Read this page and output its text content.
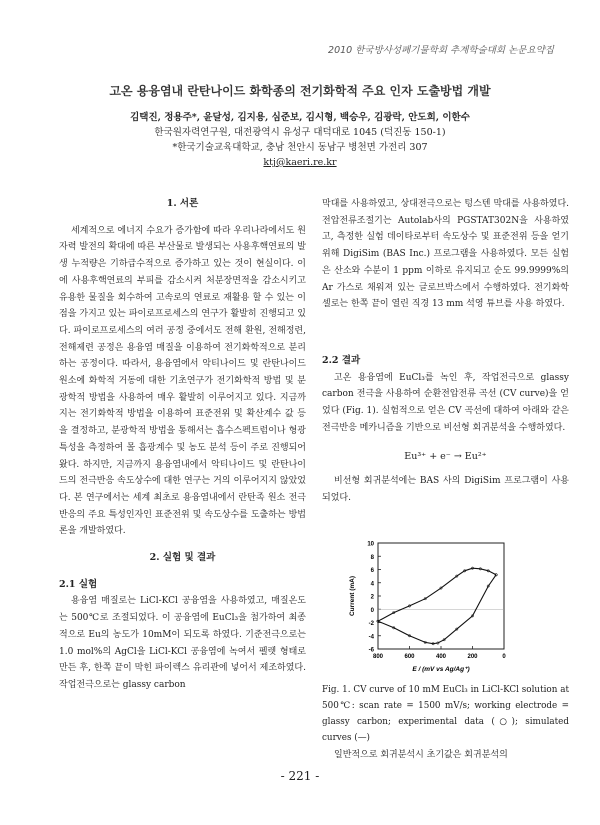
2010 한국방사성폐기물학회 추계학술대회 논문요약집
고온 용융염내 란탄나이드 화학종의 전기화학적 주요 인자 도출방법 개발
김택진, 정용주*, 윤달성, 김지용, 심준보, 김시형, 백승우, 김광락, 안도희, 이한수
한국원자력연구원, 대전광역시 유성구 대덕대로 1045 (덕진동 150-1)
*한국기술교육대학교, 충남 천안시 동남구 병천면 가전리 307
ktj@kaeri.re.kr

1. 서론

세계적으로 에너지 수요가 증가함에 따라 우리나라에서도 원자력 발전의 확대에 따른 부산물로 발생되는 사용후핵연료의 발생 누적량은 기하급수적으로 증가하고 있는 것이 현실이다. 이에 사용후핵연료의 부피를 감소시켜 처분장면적을 감소시키고 유용한 물질을 회수하여 고속로의 연료로 재활용 할 수 있는 이점을 가지고 있는 파이로프로세스의 연구가 활발히 진행되고 있다. 파이로프로세스의 여러 공정 중에서도 전해 환원, 전해정련, 전해제련 공정은 용융염 매질을 이용하여 전기화학적으로 분리하는 공정이다. 따라서, 용융염에서 악티나이드 및 란탄나이드 원소에 화학적 거동에 대한 기초연구가 전기화학적 방법 및 분광학적 방법을 사용하여 매우 활발히 이루어지고 있다. 지금까지는 전기화학적 방법을 이용하여 표준전위 및 확산계수 값 등을 결정하고, 분광학적 방법을 통해서는 흡수스펙트럼이나 형광특성을 측정하여 몰 흡광계수 및 농도 분석 등이 주로 진행되어 왔다. 하지만, 지금까지 용융염내에서 악티나이드 및 란탄나이드의 전극반응 속도상수에 대한 연구는 거의 이루어지지 않았었다. 본 연구에서는 세계 최초로 용융염내에서 란탄족 원소 전극반응의 주요 특성인자인 표준전위 및 속도상수를 도출하는 방법론을 개발하였다.

2. 실험 및 결과

2.1 실험

용융염 매질로는 LiCl-KCl 공융염을 사용하였고, 매질온도는 500℃로 조절되었다. 이 공융염에 EuCl₃을 첨가하여 최종적으로 Eu의 농도가 10mM이 되도록 하였다. 기준전극으로는 1.0 mol%의 AgCl을 LiCl-KCl 공융염에 녹여서 펠렛 형태로 만든 후, 한쪽 끝이 막힌 파이렉스 유리관에 넣어서 제조하였다. 작업전극으로는 glassy carbon

막대를 사용하였고, 상대전극으로는 텅스텐 막대를 사용하였다. 전압전류조절기는 Autolab사의 PGSTAT302N을 사용하였고, 측정한 실험 데이타로부터 속도상수 및 표준전위 등을 얻기 위해 DigiSim (BAS Inc.) 프로그램을 사용하였다. 모든 실험은 산소와 수분이 1 ppm 이하로 유지되고 순도 99.9999%의 Ar 가스로 채워져 있는 글로브박스에서 수행하였다. 전기화학 셀로는 한쪽 끝이 열린 직경 13 mm 석영 튜브를 사용 하였다.

2.2 결과

고온 용융염에 EuCl₃를 녹인 후, 작업전극으로 glassy carbon 전극을 사용하여 순환전압전류 곡선 (CV curve)을 얻었다 (Fig. 1). 실험적으로 얻은 CV 곡선에 대하여 아래와 같은 전극반응 메카니즘을 기반으로 비선형 회귀분석을 수행하였다.

Eu³⁺ + e⁻ → Eu²⁺

비선형 회귀분석에는 BAS 사의 DigiSim 프로그램이 사용되었다.

10
8
6
4
2
0
-2
-4
-6
800	600	400	200	0
E / (mV vs Ag/Ag⁺)
Current (mA)
Fig. 1. CV curve of 10 mM EuCl₃ in LiCl-KCl solution at 500℃: scan rate = 1500 mV/s; working electrode = glassy carbon; experimental data (○); simulated curves (—)
일반적으로 회귀분석시 초기값은 회귀분석의
- 221 -
